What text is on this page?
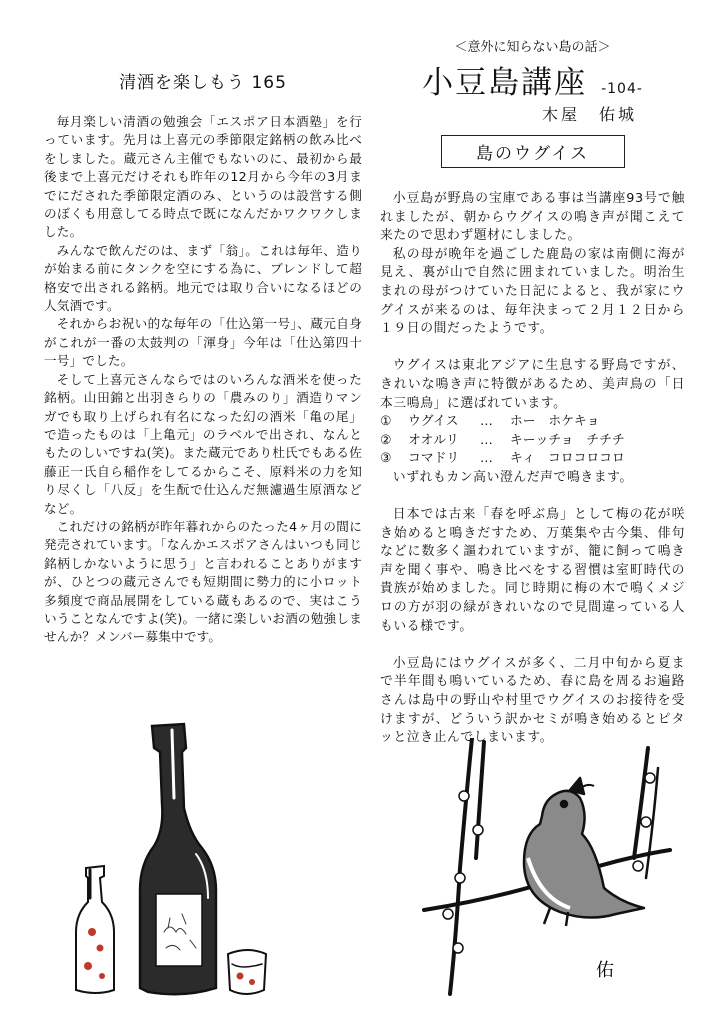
清酒を楽しもう 165

毎月楽しい清酒の勉強会「エスポア日本酒塾」を行っています。先月は上喜元の季節限定銘柄の飲み比べをしました。蔵元さん主催でもないのに、最初から最後まで上喜元だけそれも昨年の12月から今年の3月までにだされた季節限定酒のみ、というのは設営する側のぼくも用意してる時点で既になんだかワクワクしました。

みんなで飲んだのは、まず「翁」。これは毎年、造りが始まる前にタンクを空にする為に、ブレンドして超格安で出される銘柄。地元では取り合いになるほどの人気酒です。

それからお祝い的な毎年の「仕込第一号」、蔵元自身がこれが一番の太鼓判の「渾身」今年は「仕込第四十一号」でした。

そして上喜元さんならではのいろんな酒米を使った銘柄。山田錦と出羽きらりの「農みのり」酒造りマンガでも取り上げられ有名になった幻の酒米「亀の尾」で造ったものは「上亀元」のラベルで出され、なんともたのしいですね(笑)。また蔵元であり杜氏でもある佐藤正一氏自ら稲作をしてるからこそ、原料米の力を知り尽くし「八反」を生酛で仕込んだ無濾過生原酒などなど。

これだけの銘柄が昨年暮れからのたった4ヶ月の間に発売されています。「なんかエスポアさんはいつも同じ銘柄しかないように思う」と言われることありがますが、ひとつの蔵元さんでも短期間に勢力的に小ロット多頻度で商品展開をしている蔵もあるので、実はこういうことなんですよ(笑)。一緒に楽しいお酒の勉強しませんか？メンバー募集中です。

＜意外に知らない島の話＞
小豆島講座 -104-
木屋　佑城
島のウグイス

小豆島が野鳥の宝庫である事は当講座93号で触れましたが、朝からウグイスの鳴き声が聞こえて来たので思わず題材にしました。

私の母が晩年を過ごした鹿島の家は南側に海が見え、裏が山で自然に囲まれていました。明治生まれの母がつけていた日記によると、我が家にウグイスが来るのは、毎年決まって２月１２日から１９日の間だったようです。

ウグイスは東北アジアに生息する野鳥ですが、きれいな鳴き声に特徴があるため、美声鳥の「日本三鳴鳥」に選ばれています。

①	ウグイス	…	ホー　ホケキョ
②	オオルリ	…	キーッチョ　チチチ
③	コマドリ	…	キィ　コロコロコロ

いずれもカン高い澄んだ声で鳴きます。

日本では古来「春を呼ぶ鳥」として梅の花が咲き始めると鳴きだすため、万葉集や古今集、俳句などに数多く謳われていますが、籠に飼って鳴き声を聞く事や、鳴き比べをする習慣は室町時代の貴族が始めました。同じ時期に梅の木で鳴くメジロの方が羽の緑がきれいなので見間違っている人もいる様です。

小豆島にはウグイスが多く、二月中旬から夏まで半年間も鳴いているため、春に島を周るお遍路さんは島中の野山や村里でウグイスのお接待を受けますが、どういう訳かセミが鳴き始めるとピタッと泣き止んでしまいます。

佑
